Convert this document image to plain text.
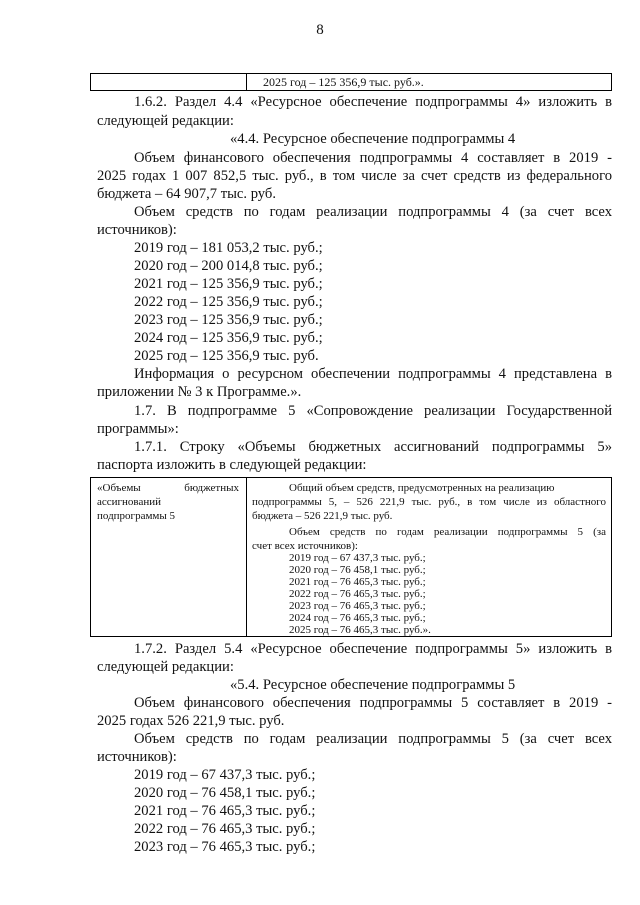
8
2025 год – 125 356,9 тыс. руб.».
1.6.2. Раздел 4.4 «Ресурсное обеспечение подпрограммы 4» изложить в
следующей редакции:
«4.4. Ресурсное обеспечение подпрограммы 4
Объем финансового обеспечения подпрограммы 4 составляет в 2019 -
2025 годах 1 007 852,5 тыс. руб., в том числе за счет средств из федерального
бюджета – 64 907,7 тыс. руб.
Объем средств по годам реализации подпрограммы 4 (за счет всех
источников):
2019 год – 181 053,2 тыс. руб.;
2020 год – 200 014,8 тыс. руб.;
2021 год – 125 356,9 тыс. руб.;
2022 год – 125 356,9 тыс. руб.;
2023 год – 125 356,9 тыс. руб.;
2024 год – 125 356,9 тыс. руб.;
2025 год – 125 356,9 тыс. руб.
Информация о ресурсном обеспечении подпрограммы 4 представлена в
приложении № 3 к Программе.».
1.7. В подпрограмме 5 «Сопровождение реализации Государственной
программы»:
1.7.1. Строку «Объемы бюджетных ассигнований подпрограммы 5»
паспорта изложить в следующей редакции:
«Объемы бюджетных
ассигнований
подпрограммы 5
Общий объем средств, предусмотренных на реализацию
подпрограммы 5, – 526 221,9 тыс. руб., в том числе из областного
бюджета – 526 221,9 тыс. руб.
Объем средств по годам реализации подпрограммы 5 (за
счет всех источников):
2019 год – 67 437,3 тыс. руб.;
2020 год – 76 458,1 тыс. руб.;
2021 год – 76 465,3 тыс. руб.;
2022 год – 76 465,3 тыс. руб.;
2023 год – 76 465,3 тыс. руб.;
2024 год – 76 465,3 тыс. руб.;
2025 год – 76 465,3 тыс. руб.».
1.7.2. Раздел 5.4 «Ресурсное обеспечение подпрограммы 5» изложить в
следующей редакции:
«5.4. Ресурсное обеспечение подпрограммы 5
Объем финансового обеспечения подпрограммы 5 составляет в 2019 -
2025 годах 526 221,9 тыс. руб.
Объем средств по годам реализации подпрограммы 5 (за счет всех
источников):
2019 год – 67 437,3 тыс. руб.;
2020 год – 76 458,1 тыс. руб.;
2021 год – 76 465,3 тыс. руб.;
2022 год – 76 465,3 тыс. руб.;
2023 год – 76 465,3 тыс. руб.;
